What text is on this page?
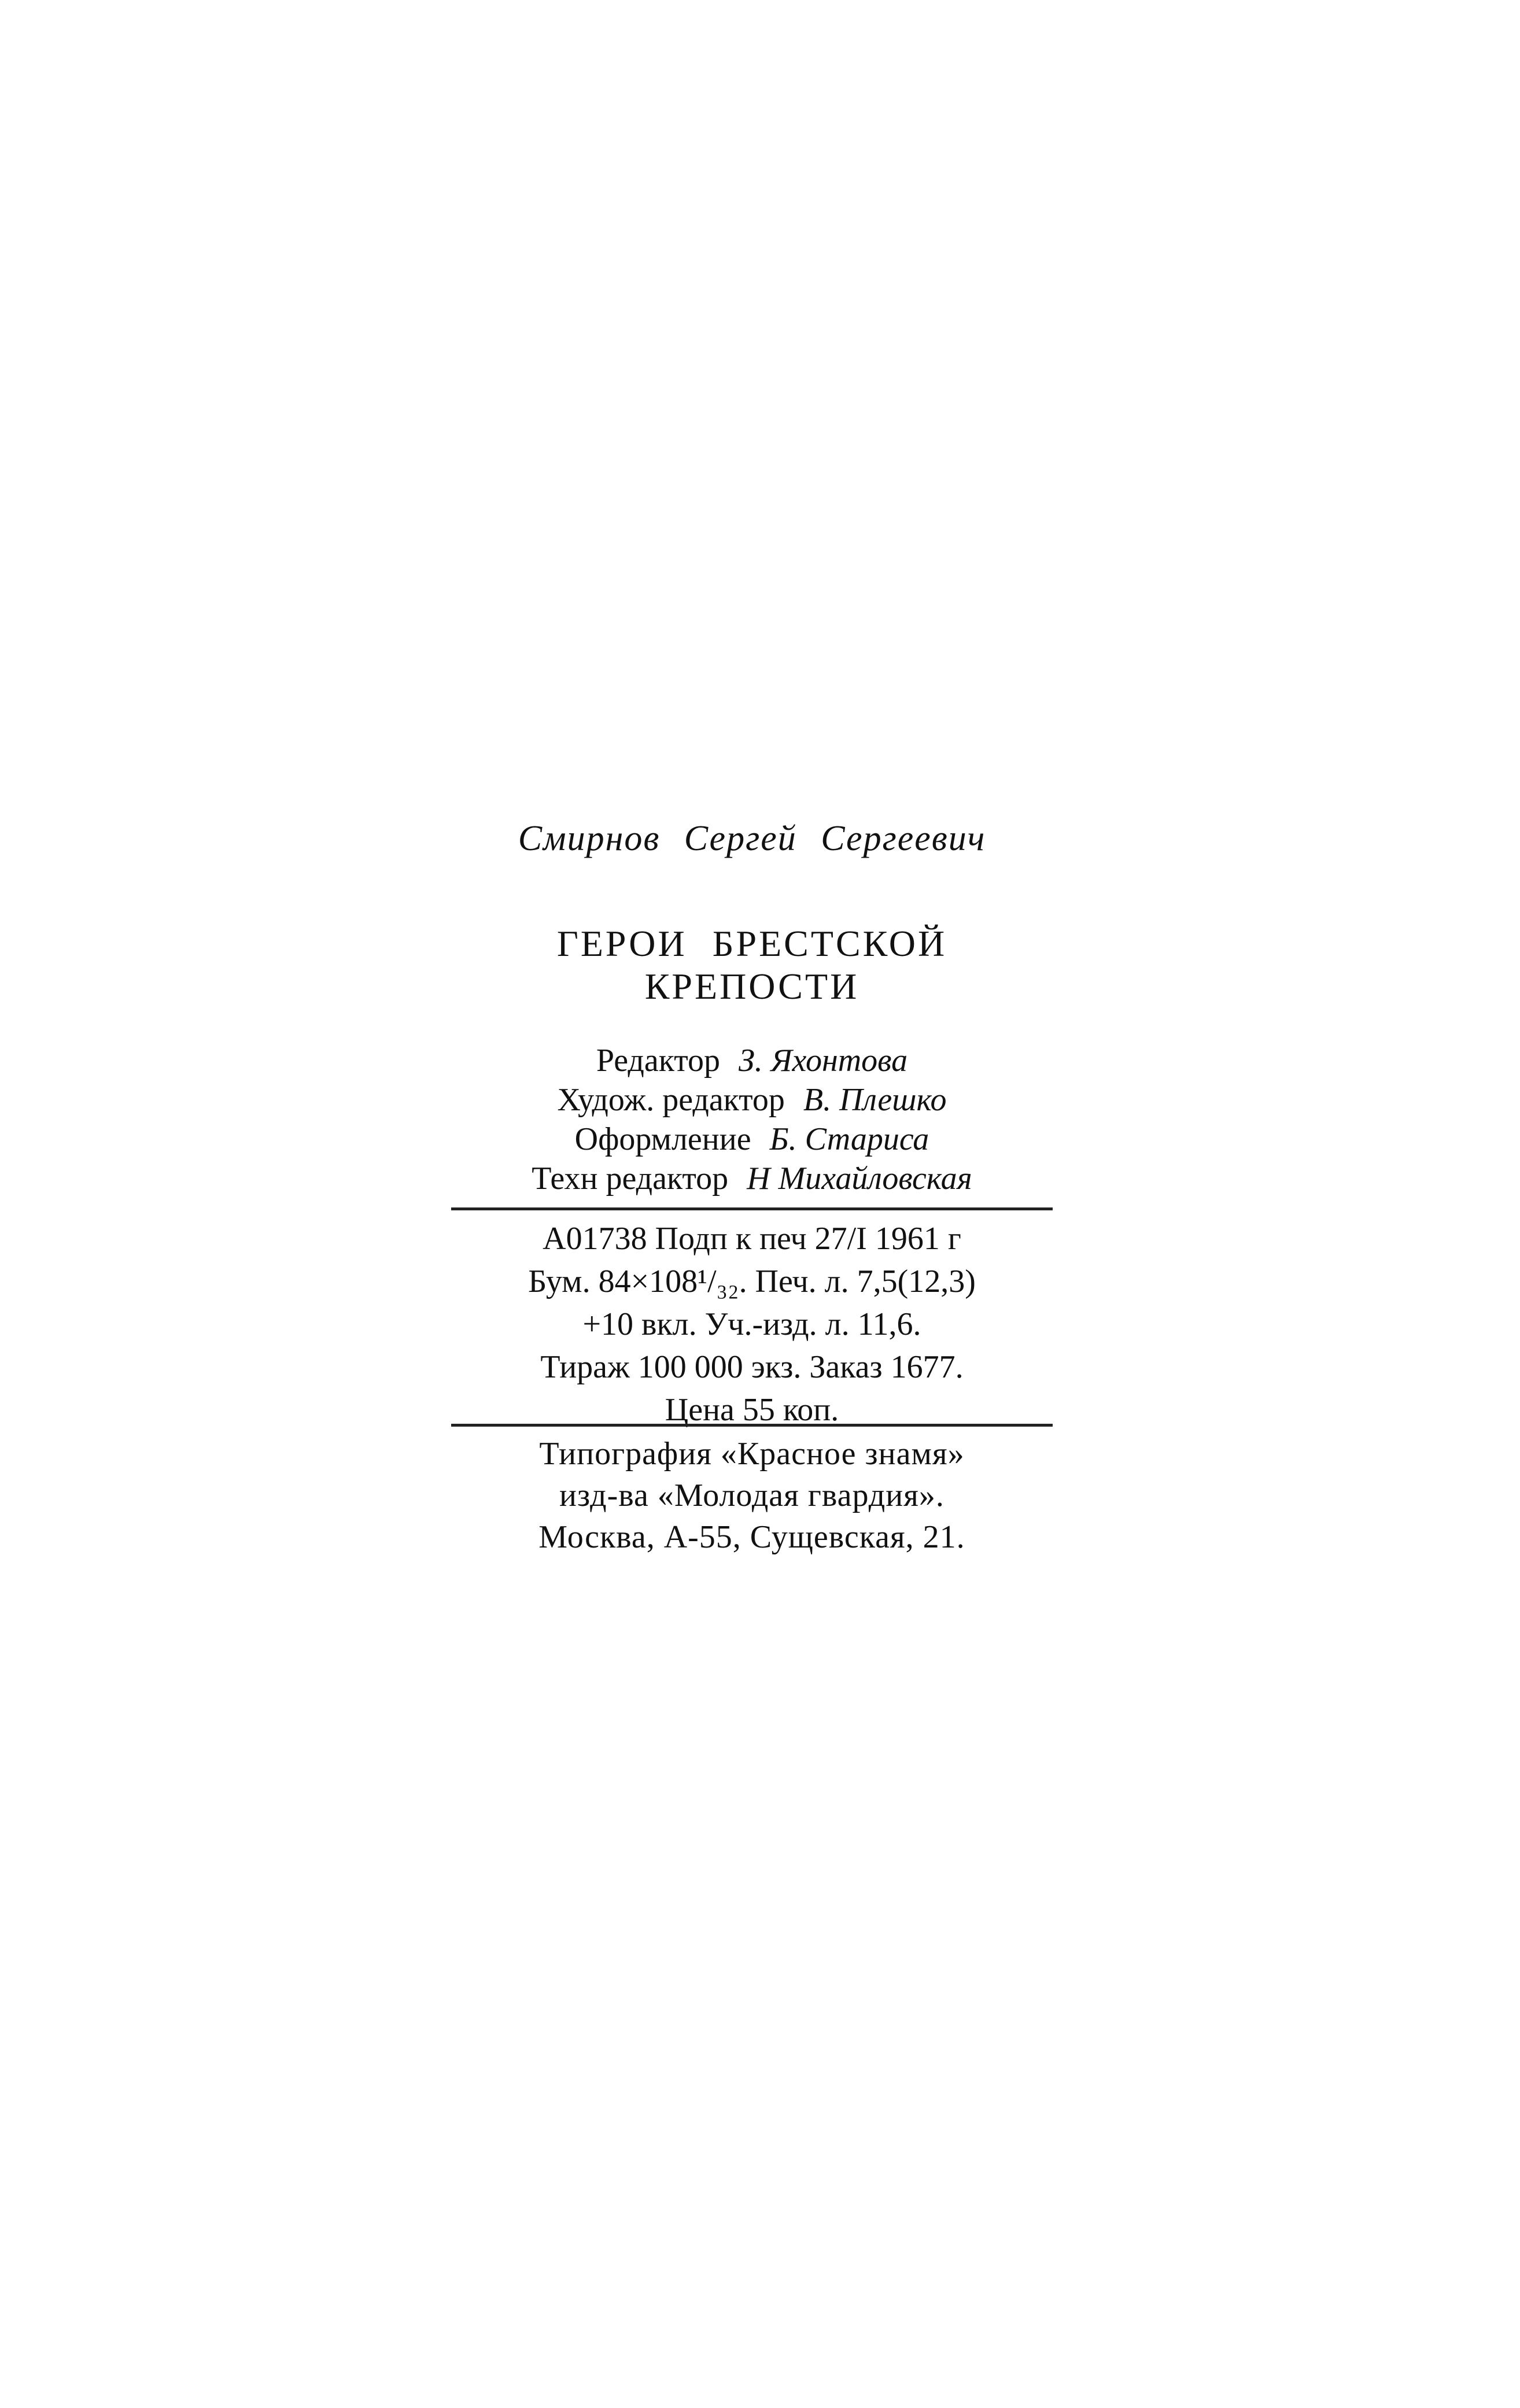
Смирнов Сергей Сергеевич
ГЕРОИ БРЕСТСКОЙ КРЕПОСТИ
Редактор З. Яхонтова
Худож. редактор В. Плешко
Оформление Б. Стариса
Техн редактор Н Михайловская
А01738 Подп к печ 27/I 1961 г
Бум. 84×108¹/₃₂. Печ. л. 7,5(12,3)
+10 вкл. Уч.-изд. л. 11,6.
Тираж 100 000 экз. Заказ 1677.
Цена 55 коп.
Типография «Красное знамя»
изд-ва «Молодая гвардия».
Москва, А-55, Сущевская, 21.
